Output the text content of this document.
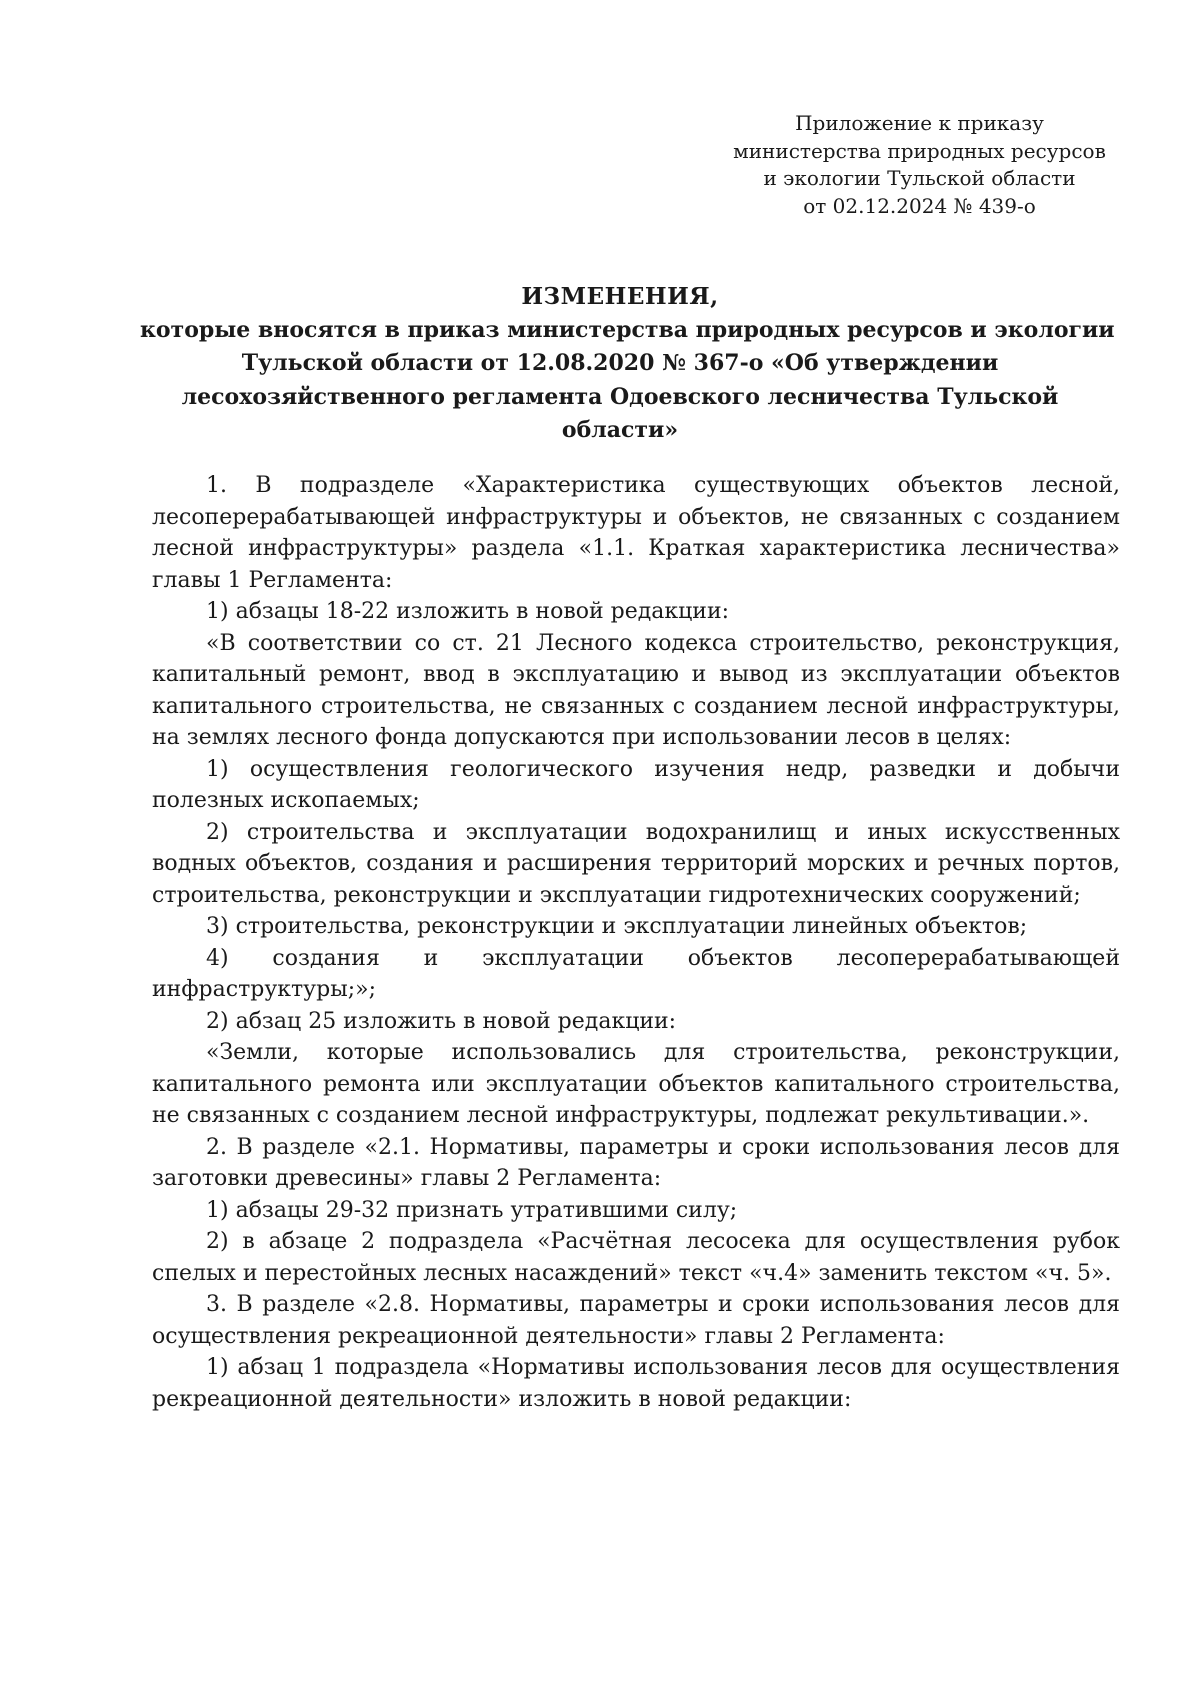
Приложение к приказу
министерства природных ресурсов
и экологии Тульской области
от 02.12.2024 № 439-о
ИЗМЕНЕНИЯ,
которые вносятся в приказ министерства природных ресурсов и экологии
Тульской области от 12.08.2020 № 367-о «Об утверждении
лесохозяйственного регламента Одоевского лесничества Тульской
области»

1. В подразделе «Характеристика существующих объектов лесной, лесоперерабатывающей инфраструктуры и объектов, не связанных с созданием лесной инфраструктуры» раздела «1.1. Краткая характеристика лесничества» главы 1 Регламента:

1) абзацы 18-22 изложить в новой редакции:

«В соответствии со ст. 21 Лесного кодекса строительство, реконструкция, капитальный ремонт, ввод в эксплуатацию и вывод из эксплуатации объектов капитального строительства, не связанных с созданием лесной инфраструктуры, на землях лесного фонда допускаются при использовании лесов в целях:

1) осуществления геологического изучения недр, разведки и добычи полезных ископаемых;

2) строительства и эксплуатации водохранилищ и иных искусственных водных объектов, создания и расширения территорий морских и речных портов, строительства, реконструкции и эксплуатации гидротехнических сооружений;

3) строительства, реконструкции и эксплуатации линейных объектов;

4) создания и эксплуатации объектов лесоперерабатывающей инфраструктуры;»;

2) абзац 25 изложить в новой редакции:

«Земли, которые использовались для строительства, реконструкции, капитального ремонта или эксплуатации объектов капитального строительства, не связанных с созданием лесной инфраструктуры, подлежат рекультивации.».

2. В разделе «2.1. Нормативы, параметры и сроки использования лесов для заготовки древесины» главы 2 Регламента:

1) абзацы 29-32 признать утратившими силу;

2) в абзаце 2 подраздела «Расчётная лесосека для осуществления рубок спелых и перестойных лесных насаждений» текст «ч.4» заменить текстом «ч. 5».

3. В разделе «2.8. Нормативы, параметры и сроки использования лесов для осуществления рекреационной деятельности» главы 2 Регламента:

1) абзац 1 подраздела «Нормативы использования лесов для осуществления рекреационной деятельности» изложить в новой редакции:
